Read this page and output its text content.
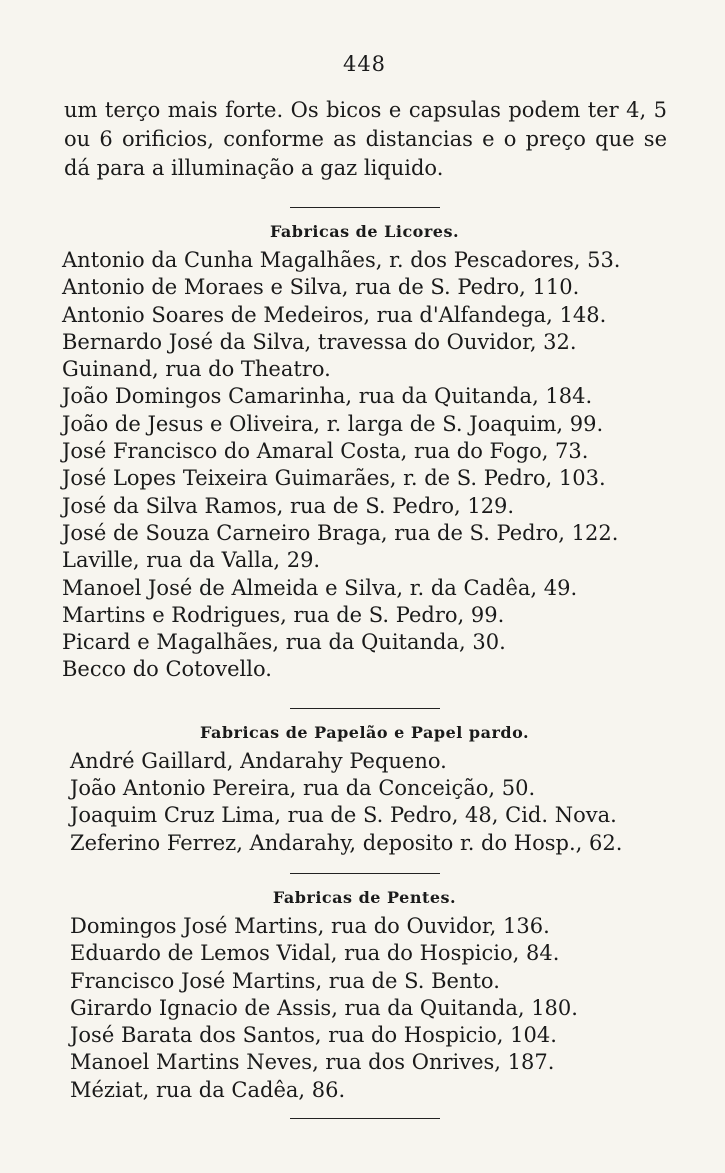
448

um terço mais forte. Os bicos e capsulas podem ter 4, 5 ou 6 orificios, conforme as distancias e o preço que se dá para a illuminação a gaz liquido.

Fabricas de Licores.
Antonio da Cunha Magalhães, r. dos Pescadores, 53.
Antonio de Moraes e Silva, rua de S. Pedro, 110.
Antonio Soares de Medeiros, rua d'Alfandega, 148.
Bernardo José da Silva, travessa do Ouvidor, 32.
Guinand, rua do Theatro.
João Domingos Camarinha, rua da Quitanda, 184.
João de Jesus e Oliveira, r. larga de S. Joaquim, 99.
José Francisco do Amaral Costa, rua do Fogo, 73.
José Lopes Teixeira Guimarães, r. de S. Pedro, 103.
José da Silva Ramos, rua de S. Pedro, 129.
José de Souza Carneiro Braga, rua de S. Pedro, 122.
Laville, rua da Valla, 29.
Manoel José de Almeida e Silva, r. da Cadêa, 49.
Martins e Rodrigues, rua de S. Pedro, 99.
Picard e Magalhães, rua da Quitanda, 30.
Becco do Cotovello.
Fabricas de Papelão e Papel pardo.
André Gaillard, Andarahy Pequeno.
João Antonio Pereira, rua da Conceição, 50.
Joaquim Cruz Lima, rua de S. Pedro, 48, Cid. Nova.
Zeferino Ferrez, Andarahy, deposito r. do Hosp., 62.
Fabricas de Pentes.
Domingos José Martins, rua do Ouvidor, 136.
Eduardo de Lemos Vidal, rua do Hospicio, 84.
Francisco José Martins, rua de S. Bento.
Girardo Ignacio de Assis, rua da Quitanda, 180.
José Barata dos Santos, rua do Hospicio, 104.
Manoel Martins Neves, rua dos Onrives, 187.
Méziat, rua da Cadêa, 86.
